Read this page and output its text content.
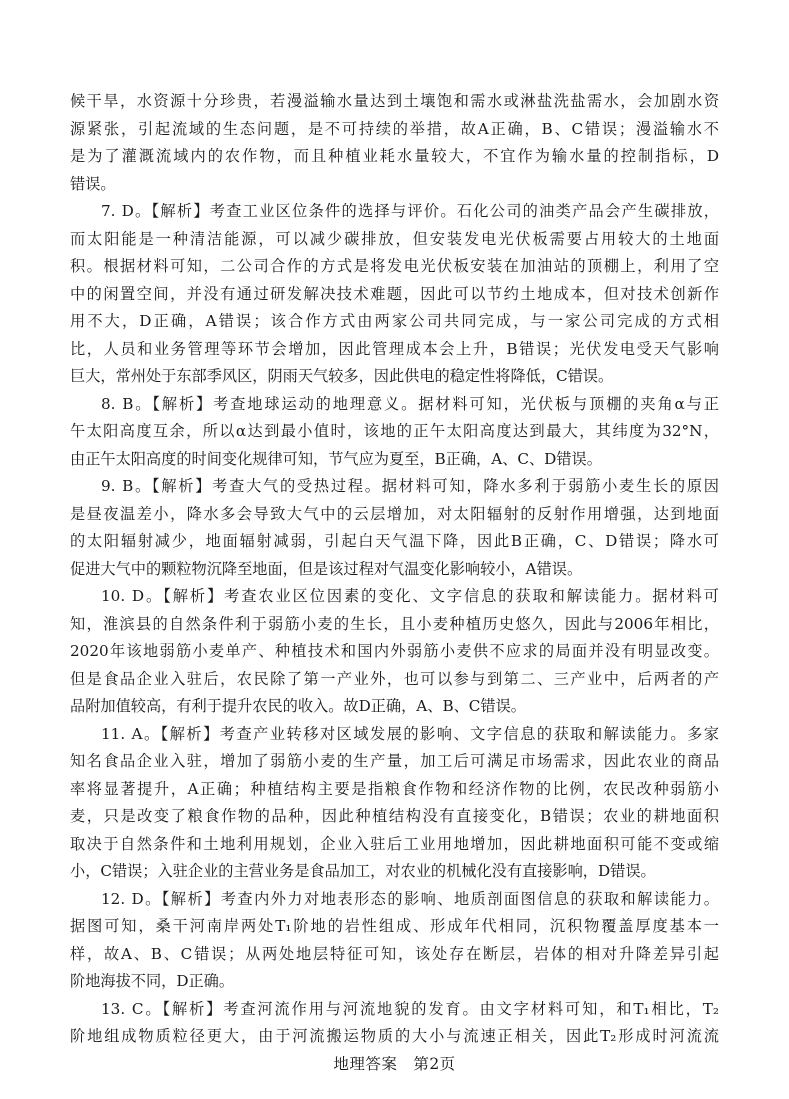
候干旱，水资源十分珍贵，若漫溢输水量达到土壤饱和需水或淋盐洗盐需水，会加剧水资
源紧张，引起流域的生态问题，是不可持续的举措，故A正确，B、C错误；漫溢输水不
是为了灌溉流域内的农作物，而且种植业耗水量较大，不宜作为输水量的控制指标，D
错误。
7. D。【解析】考查工业区位条件的选择与评价。石化公司的油类产品会产生碳排放，
而太阳能是一种清洁能源，可以减少碳排放，但安装发电光伏板需要占用较大的土地面
积。根据材料可知，二公司合作的方式是将发电光伏板安装在加油站的顶棚上，利用了空
中的闲置空间，并没有通过研发解决技术难题，因此可以节约土地成本，但对技术创新作
用不大，D正确，A错误；该合作方式由两家公司共同完成，与一家公司完成的方式相
比，人员和业务管理等环节会增加，因此管理成本会上升，B错误；光伏发电受天气影响
巨大，常州处于东部季风区，阴雨天气较多，因此供电的稳定性将降低，C错误。
8. B。【解析】考查地球运动的地理意义。据材料可知，光伏板与顶棚的夹角α与正
午太阳高度互余，所以α达到最小值时，该地的正午太阳高度达到最大，其纬度为32°N，
由正午太阳高度的时间变化规律可知，节气应为夏至，B正确，A、C、D错误。
9. B。【解析】考查大气的受热过程。据材料可知，降水多利于弱筋小麦生长的原因
是昼夜温差小，降水多会导致大气中的云层增加，对太阳辐射的反射作用增强，达到地面
的太阳辐射减少，地面辐射减弱，引起白天气温下降，因此B正确，C、D错误；降水可
促进大气中的颗粒物沉降至地面，但是该过程对气温变化影响较小，A错误。
10. D。【解析】考查农业区位因素的变化、文字信息的获取和解读能力。据材料可
知，淮滨县的自然条件利于弱筋小麦的生长，且小麦种植历史悠久，因此与2006年相比，
2020年该地弱筋小麦单产、种植技术和国内外弱筋小麦供不应求的局面并没有明显改变。
但是食品企业入驻后，农民除了第一产业外，也可以参与到第二、三产业中，后两者的产
品附加值较高，有利于提升农民的收入。故D正确，A、B、C错误。
11. A。【解析】考查产业转移对区域发展的影响、文字信息的获取和解读能力。多家
知名食品企业入驻，增加了弱筋小麦的生产量，加工后可满足市场需求，因此农业的商品
率将显著提升，A正确；种植结构主要是指粮食作物和经济作物的比例，农民改种弱筋小
麦，只是改变了粮食作物的品种，因此种植结构没有直接变化，B错误；农业的耕地面积
取决于自然条件和土地利用规划，企业入驻后工业用地增加，因此耕地面积可能不变或缩
小，C错误；入驻企业的主营业务是食品加工，对农业的机械化没有直接影响，D错误。
12. D。【解析】考查内外力对地表形态的影响、地质剖面图信息的获取和解读能力。
据图可知，桑干河南岸两处T₁阶地的岩性组成、形成年代相同，沉积物覆盖厚度基本一
样，故A、B、C错误；从两处地层特征可知，该处存在断层，岩体的相对升降差异引起
阶地海拔不同，D正确。
13. C。【解析】考查河流作用与河流地貌的发育。由文字材料可知，和T₁相比，T₂
阶地组成物质粒径更大，由于河流搬运物质的大小与流速正相关，因此T₂形成时河流流
地理答案　第2页
